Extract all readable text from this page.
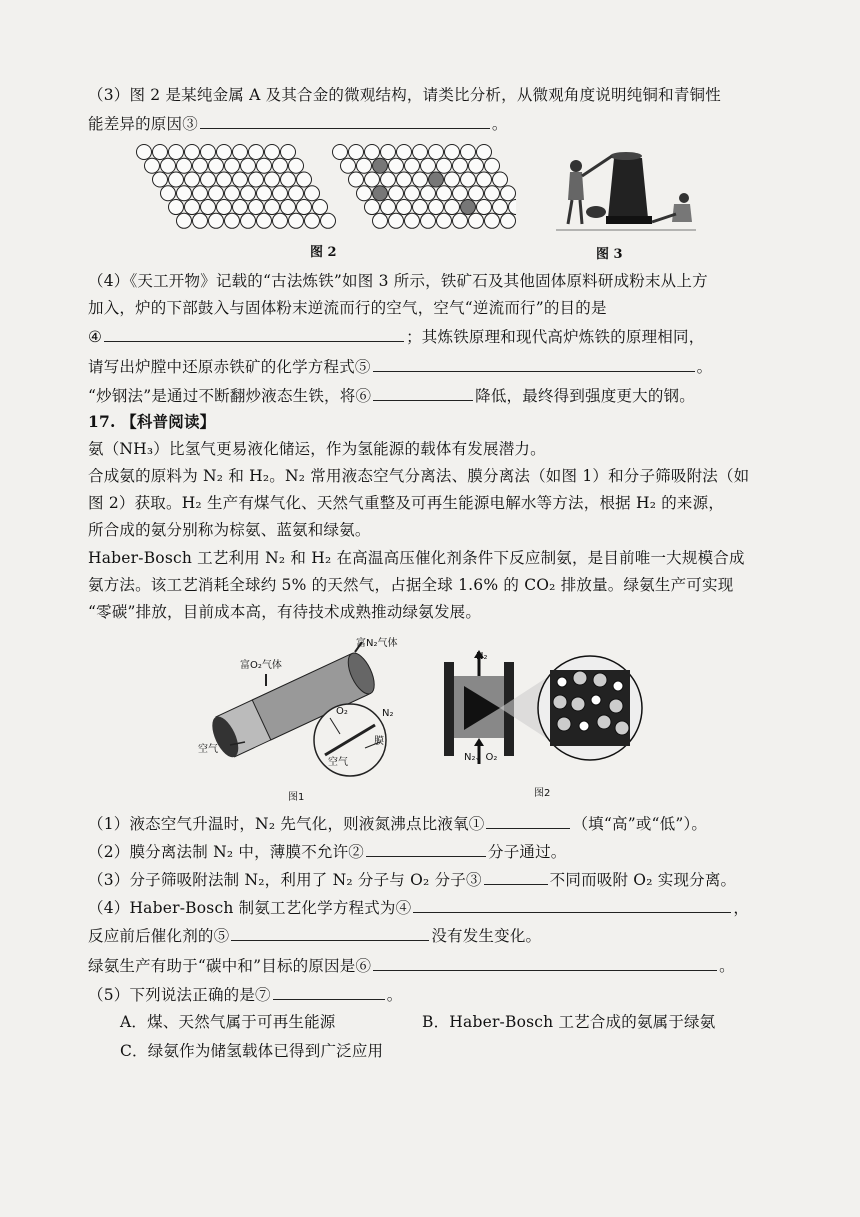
（3）图 2 是某纯金属 A 及其合金的微观结构，请类比分析，从微观角度说明纯铜和青铜性
能差异的原因③	。
图 2	图 3
（4）《天工开物》记载的“古法炼铁”如图 3 所示，铁矿石及其他固体原料研成粉末从上方
加入，炉的下部鼓入与固体粉末逆流而行的空气，空气“逆流而行”的目的是
④	；其炼铁原理和现代高炉炼铁的原理相同，
请写出炉膛中还原赤铁矿的化学方程式⑤	。
“炒钢法”是通过不断翻炒液态生铁，将⑥	降低，最终得到强度更大的钢。
17. 【科普阅读】
氨（NH₃）比氢气更易液化储运，作为氢能源的载体有发展潜力。
合成氨的原料为 N₂ 和 H₂。N₂ 常用液态空气分离法、膜分离法（如图 1）和分子筛吸附法（如
图 2）获取。H₂ 生产有煤气化、天然气重整及可再生能源电解水等方法，根据 H₂ 的来源，
所合成的氨分别称为棕氨、蓝氨和绿氨。
Haber-Bosch 工艺利用 N₂ 和 H₂ 在高温高压催化剂条件下反应制氨，是目前唯一大规模合成
氨方法。该工艺消耗全球约 5% 的天然气，占据全球 1.6% 的 CO₂ 排放量。绿氨生产可实现
“零碳”排放，目前成本高，有待技术成熟推动绿氨发展。
富O₂气体
富N₂气体
空气
空气
膜
O₂	N₂
图1
N₂
N₂、O₂
图2
（1）液态空气升温时，N₂ 先气化，则液氮沸点比液氧①	（填“高”或“低”）。
（2）膜分离法制 N₂ 中，薄膜不允许②	分子通过。
（3）分子筛吸附法制 N₂，利用了 N₂ 分子与 O₂ 分子③	不同而吸附 O₂ 实现分离。
（4）Haber-Bosch 制氨工艺化学方程式为④	，
反应前后催化剂的⑤	没有发生变化。
绿氨生产有助于“碳中和”目标的原因是⑥	。
（5）下列说法正确的是⑦	。
A．煤、天然气属于可再生能源	B．Haber-Bosch 工艺合成的氨属于绿氨
C．绿氨作为储氢载体已得到广泛应用
